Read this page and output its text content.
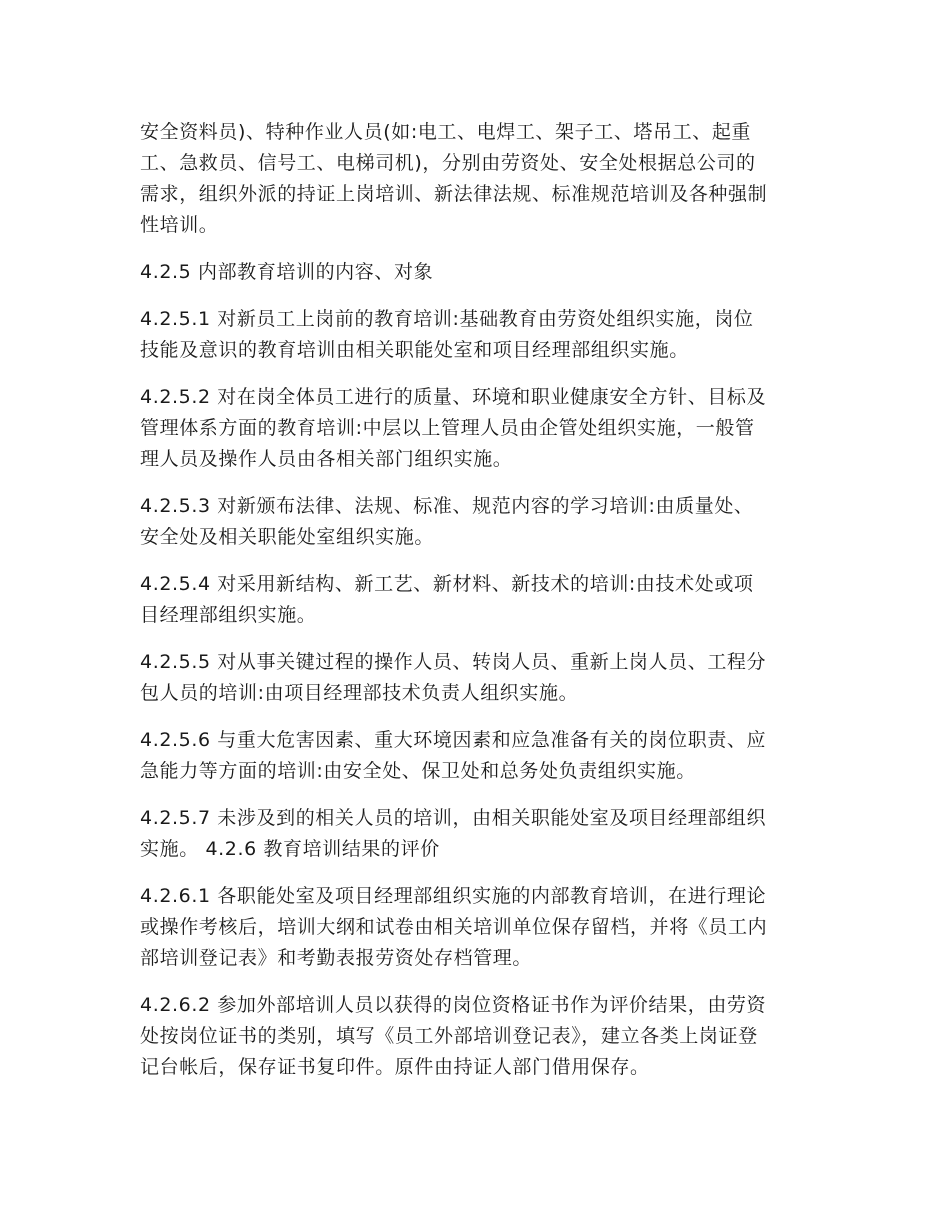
安全资料员)、特种作业人员(如:电工、电焊工、架子工、塔吊工、起重
工、急救员、信号工、电梯司机)，分别由劳资处、安全处根据总公司的
需求，组织外派的持证上岗培训、新法律法规、标准规范培训及各种强制
性培训。

4.2.5 内部教育培训的内容、对象

4.2.5.1 对新员工上岗前的教育培训:基础教育由劳资处组织实施，岗位
技能及意识的教育培训由相关职能处室和项目经理部组织实施。

4.2.5.2 对在岗全体员工进行的质量、环境和职业健康安全方针、目标及
管理体系方面的教育培训:中层以上管理人员由企管处组织实施，一般管
理人员及操作人员由各相关部门组织实施。

4.2.5.3 对新颁布法律、法规、标准、规范内容的学习培训:由质量处、
安全处及相关职能处室组织实施。

4.2.5.4 对采用新结构、新工艺、新材料、新技术的培训:由技术处或项
目经理部组织实施。

4.2.5.5 对从事关键过程的操作人员、转岗人员、重新上岗人员、工程分
包人员的培训:由项目经理部技术负责人组织实施。

4.2.5.6 与重大危害因素、重大环境因素和应急准备有关的岗位职责、应
急能力等方面的培训:由安全处、保卫处和总务处负责组织实施。

4.2.5.7 未涉及到的相关人员的培训，由相关职能处室及项目经理部组织
实施。 4.2.6 教育培训结果的评价

4.2.6.1 各职能处室及项目经理部组织实施的内部教育培训，在进行理论
或操作考核后，培训大纲和试卷由相关培训单位保存留档，并将《员工内
部培训登记表》和考勤表报劳资处存档管理。

4.2.6.2 参加外部培训人员以获得的岗位资格证书作为评价结果，由劳资
处按岗位证书的类别，填写《员工外部培训登记表》，建立各类上岗证登
记台帐后，保存证书复印件。原件由持证人部门借用保存。
